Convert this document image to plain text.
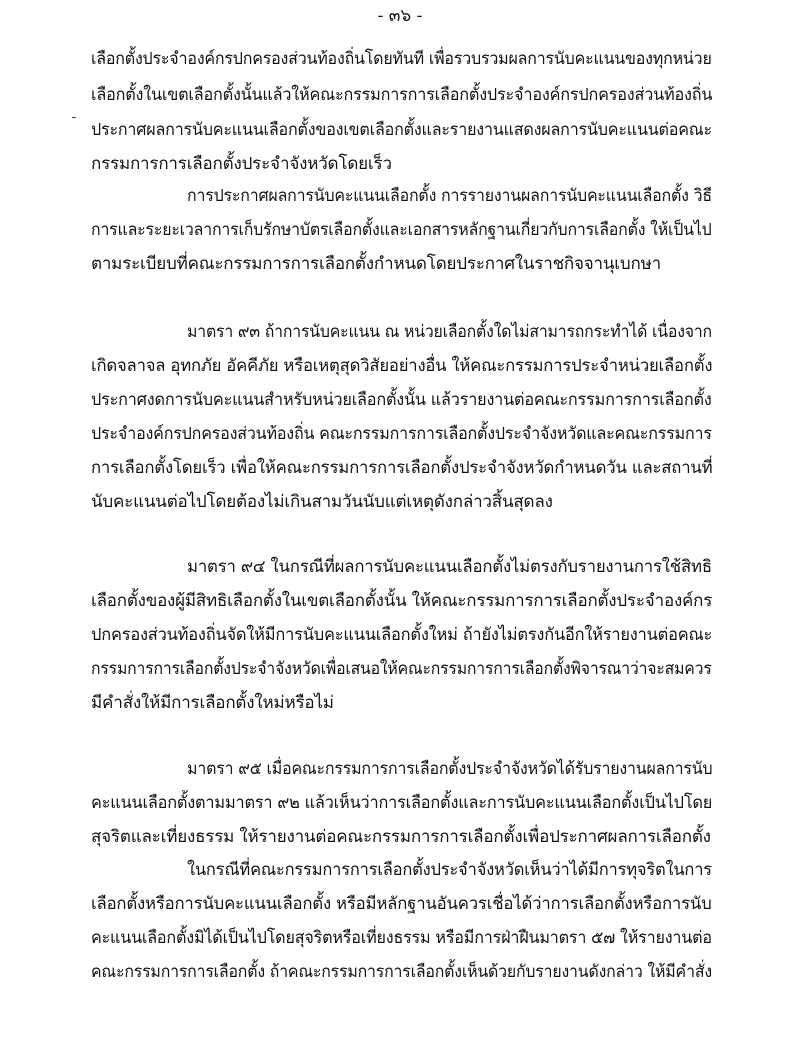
- ๓๖ -
เลือกตั้งประจำองค์กรปกครองส่วนท้องถิ่นโดยทันที เพื่อรวบรวมผลการนับคะแนนของทุกหน่วย
เลือกตั้งในเขตเลือกตั้งนั้นแล้วให้คณะกรรมการการเลือกตั้งประจำองค์กรปกครองส่วนท้องถิ่น
ประกาศผลการนับคะแนนเลือกตั้งของเขตเลือกตั้งและรายงานแสดงผลการนับคะแนนต่อคณะ
กรรมการการเลือกตั้งประจำจังหวัดโดยเร็ว
การประกาศผลการนับคะแนนเลือกตั้ง การรายงานผลการนับคะแนนเลือกตั้ง วิธี
การและระยะเวลาการเก็บรักษาบัตรเลือกตั้งและเอกสารหลักฐานเกี่ยวกับการเลือกตั้ง ให้เป็นไป
ตามระเบียบที่คณะกรรมการการเลือกตั้งกำหนดโดยประกาศในราชกิจจานุเบกษา
มาตรา ๙๓ ถ้าการนับคะแนน ณ หน่วยเลือกตั้งใดไม่สามารถกระทำได้ เนื่องจาก
เกิดจลาจล อุทกภัย อัคคีภัย หรือเหตุสุดวิสัยอย่างอื่น ให้คณะกรรมการประจำหน่วยเลือกตั้ง
ประกาศงดการนับคะแนนสำหรับหน่วยเลือกตั้งนั้น แล้วรายงานต่อคณะกรรมการการเลือกตั้ง
ประจำองค์กรปกครองส่วนท้องถิ่น คณะกรรมการการเลือกตั้งประจำจังหวัดและคณะกรรมการ
การเลือกตั้งโดยเร็ว เพื่อให้คณะกรรมการการเลือกตั้งประจำจังหวัดกำหนดวัน และสถานที่
นับคะแนนต่อไปโดยต้องไม่เกินสามวันนับแต่เหตุดังกล่าวสิ้นสุดลง
มาตรา ๙๔ ในกรณีที่ผลการนับคะแนนเลือกตั้งไม่ตรงกับรายงานการใช้สิทธิ
เลือกตั้งของผู้มีสิทธิเลือกตั้งในเขตเลือกตั้งนั้น ให้คณะกรรมการการเลือกตั้งประจำองค์กร
ปกครองส่วนท้องถิ่นจัดให้มีการนับคะแนนเลือกตั้งใหม่ ถ้ายังไม่ตรงกันอีกให้รายงานต่อคณะ
กรรมการการเลือกตั้งประจำจังหวัดเพื่อเสนอให้คณะกรรมการการเลือกตั้งพิจารณาว่าจะสมควร
มีคำสั่งให้มีการเลือกตั้งใหม่หรือไม่
มาตรา ๙๕ เมื่อคณะกรรมการการเลือกตั้งประจำจังหวัดได้รับรายงานผลการนับ
คะแนนเลือกตั้งตามมาตรา ๙๒ แล้วเห็นว่าการเลือกตั้งและการนับคะแนนเลือกตั้งเป็นไปโดย
สุจริตและเที่ยงธรรม ให้รายงานต่อคณะกรรมการการเลือกตั้งเพื่อประกาศผลการเลือกตั้ง
ในกรณีที่คณะกรรมการการเลือกตั้งประจำจังหวัดเห็นว่าได้มีการทุจริตในการ
เลือกตั้งหรือการนับคะแนนเลือกตั้ง หรือมีหลักฐานอันควรเชื่อได้ว่าการเลือกตั้งหรือการนับ
คะแนนเลือกตั้งมิได้เป็นไปโดยสุจริตหรือเที่ยงธรรม หรือมีการฝ่าฝืนมาตรา ๕๗ ให้รายงานต่อ
คณะกรรมการการเลือกตั้ง ถ้าคณะกรรมการการเลือกตั้งเห็นด้วยกับรายงานดังกล่าว ให้มีคำสั่ง
